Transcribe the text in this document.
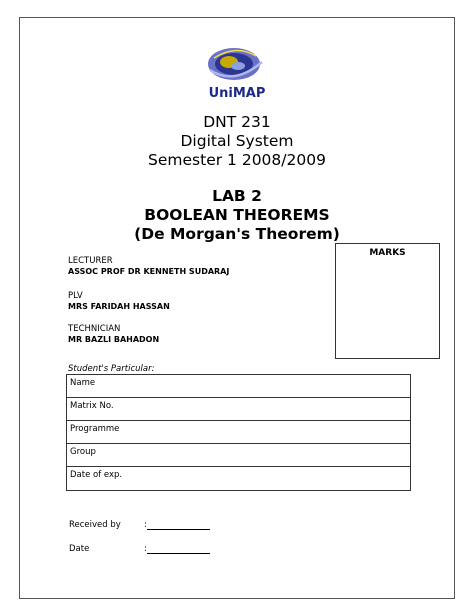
UniMAP
DNT 231
Digital System
Semester 1 2008/2009
LAB 2
BOOLEAN THEOREMS
(De Morgan's Theorem)
MARKS
LECTURER
ASSOC PROF DR KENNETH SUDARAJ
PLV
MRS FARIDAH HASSAN
TECHNICIAN
MR BAZLI BAHADON
Student's Particular:
Name
Matrix No.
Programme
Group
Date of exp.
Received by	:
Date	:
